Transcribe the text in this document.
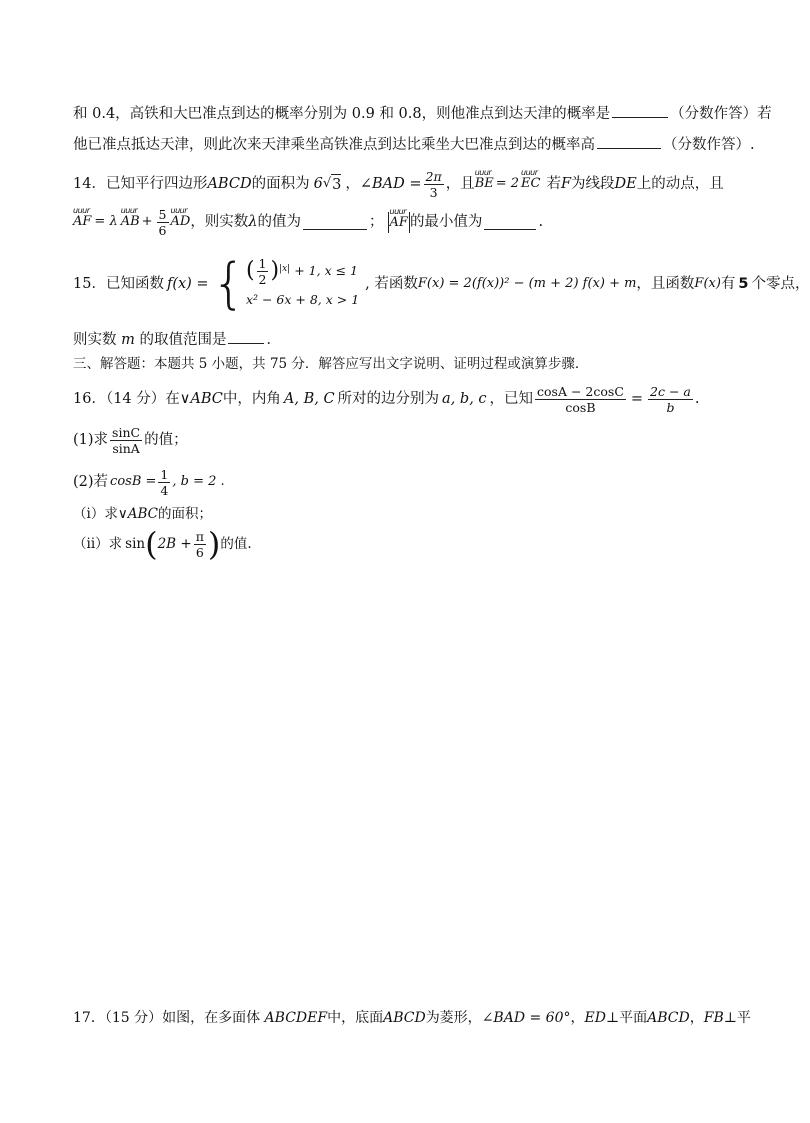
和 0.4，高铁和大巴准点到达的概率分别为 0.9 和 0.8，则他准点到达天津的概率是	（分数作答）若
他已准点抵达天津，则此次来天津乘坐高铁准点到达比乘坐大巴准点到达的概率高	（分数作答）.
14．已知平行四边形 ABCD 的面积为 6 √ 3 ， ∠BAD = $\frac{2\pi}{3}$ ，且 uuur BE = 2 uuur EC 若 F 为线段 DE 上的动点，且
uuur AF = λ uuur AB + $\frac{5}{6}$ uuur AD ，则实数 λ 的值为	； uuur AF 的最小值为	.
15．已知函数 f(x) = { ( $\frac{1}{2} )^{|x|} + 1$, x ≤ 1
x² − 6x + 8, x > 1
, 若函数 F(x) = 2(f(x))² − (m + 2) f(x) + m ，且函数 F(x) 有 5 个零点，
则实数 m 的取值范围是	．
三、解答题：本题共 5 小题，共 75 分．解答应写出文字说明、证明过程或演算步骤．
16．（14 分）在∨ ABC 中，内角 A, B, C 所对的边分别为 a, b, c ，已知 $\frac{\cos A - 2\cos C}{\cos B} = \frac{2c - a}{b}$ .
(1)求 $\frac{\sin C}{\sin A}$ 的值；
(2)若 $\cos B = \frac{1}{4}$ , b = 2 .
（i）求∨ABC的面积；
（ii）求 sin ( $2B + \frac{\pi}{6}$ ) 的值.
17．（15 分）如图，在多面体 ABCDEF中，底面ABCD为菱形，∠BAD = 60°，ED⊥平面ABCD，FB⊥平
